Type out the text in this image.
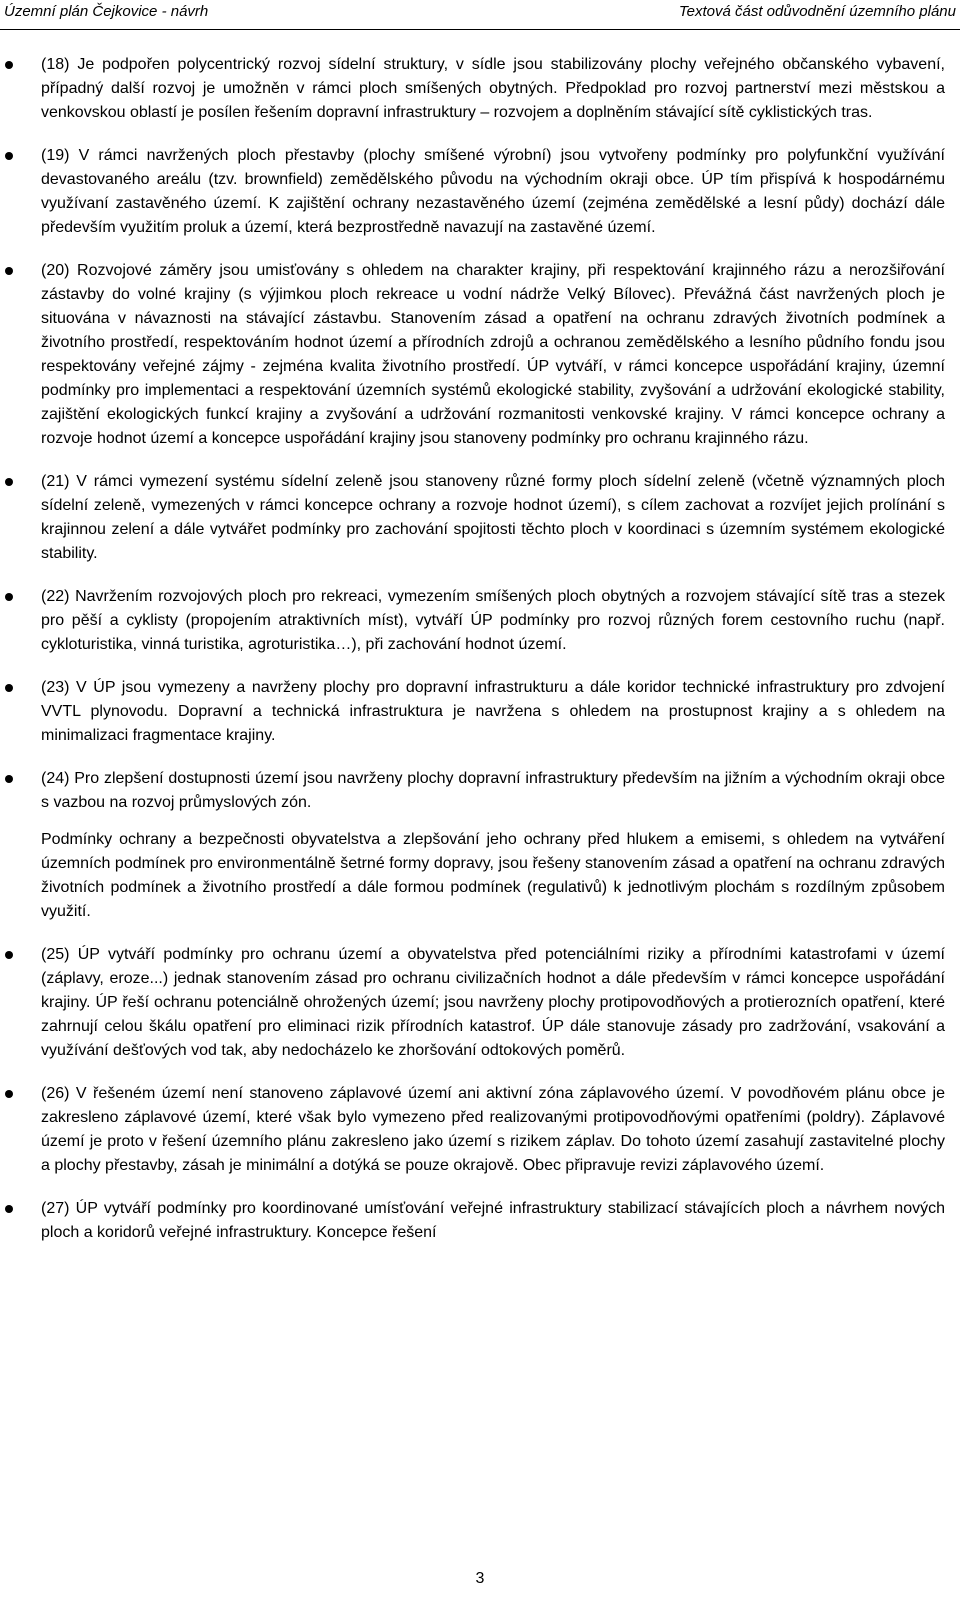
Územní plán Čejkovice - návrh	Textová část odůvodnění územního plánu
(18) Je podpořen polycentrický rozvoj sídelní struktury, v sídle jsou stabilizovány plochy veřejného občanského vybavení, případný další rozvoj je umožněn v rámci ploch smíšených obytných. Předpoklad pro rozvoj partnerství mezi městskou a venkovskou oblastí je posílen řešením dopravní infrastruktury – rozvojem a doplněním stávající sítě cyklistických tras.
(19) V rámci navržených ploch přestavby (plochy smíšené výrobní) jsou vytvořeny podmínky pro polyfunkční využívání devastovaného areálu (tzv. brownfield) zemědělského původu na východním okraji obce. ÚP tím přispívá k hospodárnému využívaní zastavěného území. K zajištění ochrany nezastavěného území (zejména zemědělské a lesní půdy) dochází dále především využitím proluk a území, která bezprostředně navazují na zastavěné území.
(20) Rozvojové záměry jsou umisťovány s ohledem na charakter krajiny, při respektování krajinného rázu a nerozšiřování zástavby do volné krajiny (s výjimkou ploch rekreace u vodní nádrže Velký Bílovec). Převážná část navržených ploch je situována v návaznosti na stávající zástavbu. Stanovením zásad a opatření na ochranu zdravých životních podmínek a životního prostředí, respektováním hodnot území a přírodních zdrojů a ochranou zemědělského a lesního půdního fondu jsou respektovány veřejné zájmy - zejména kvalita životního prostředí. ÚP vytváří, v rámci koncepce uspořádání krajiny, územní podmínky pro implementaci a respektování územních systémů ekologické stability, zvyšování a udržování ekologické stability, zajištění ekologických funkcí krajiny a zvyšování a udržování rozmanitosti venkovské krajiny. V rámci koncepce ochrany a rozvoje hodnot území a koncepce uspořádání krajiny jsou stanoveny podmínky pro ochranu krajinného rázu.
(21) V rámci vymezení systému sídelní zeleně jsou stanoveny různé formy ploch sídelní zeleně (včetně významných ploch sídelní zeleně, vymezených v rámci koncepce ochrany a rozvoje hodnot území), s cílem zachovat a rozvíjet jejich prolínání s krajinnou zelení a dále vytvářet podmínky pro zachování spojitosti těchto ploch v koordinaci s územním systémem ekologické stability.
(22) Navržením rozvojových ploch pro rekreaci, vymezením smíšených ploch obytných a rozvojem stávající sítě tras a stezek pro pěší a cyklisty (propojením atraktivních míst), vytváří ÚP podmínky pro rozvoj různých forem cestovního ruchu (např. cykloturistika, vinná turistika, agroturistika…), při zachování hodnot území.
(23) V ÚP jsou vymezeny a navrženy plochy pro dopravní infrastrukturu a dále koridor technické infrastruktury pro zdvojení VVTL plynovodu. Dopravní a technická infrastruktura je navržena s ohledem na prostupnost krajiny a s ohledem na minimalizaci fragmentace krajiny.
(24) Pro zlepšení dostupnosti území jsou navrženy plochy dopravní infrastruktury především na jižním a východním okraji obce s vazbou na rozvoj průmyslových zón.
Podmínky ochrany a bezpečnosti obyvatelstva a zlepšování jeho ochrany před hlukem a emisemi, s ohledem na vytváření územních podmínek pro environmentálně šetrné formy dopravy, jsou řešeny stanovením zásad a opatření na ochranu zdravých životních podmínek a životního prostředí a dále formou podmínek (regulativů) k jednotlivým plochám s rozdílným způsobem využití.
(25) ÚP vytváří podmínky pro ochranu území a obyvatelstva před potenciálními riziky a přírodními katastrofami v území (záplavy, eroze...) jednak stanovením zásad pro ochranu civilizačních hodnot a dále především v rámci koncepce uspořádání krajiny. ÚP řeší ochranu potenciálně ohrožených území; jsou navrženy plochy protipovodňových a protierozních opatření, které zahrnují celou škálu opatření pro eliminaci rizik přírodních katastrof. ÚP dále stanovuje zásady pro zadržování, vsakování a využívání dešťových vod tak, aby nedocházelo ke zhoršování odtokových poměrů.
(26) V řešeném území není stanoveno záplavové území ani aktivní zóna záplavového území. V povodňovém plánu obce je zakresleno záplavové území, které však bylo vymezeno před realizovanými protipovodňovými opatřeními (poldry). Záplavové území je proto v řešení územního plánu zakresleno jako území s rizikem záplav. Do tohoto území zasahují zastavitelné plochy a plochy přestavby, zásah je minimální a dotýká se pouze okrajově. Obec připravuje revizi záplavového území.
(27) ÚP vytváří podmínky pro koordinované umísťování veřejné infrastruktury stabilizací stávajících ploch a návrhem nových ploch a koridorů veřejné infrastruktury. Koncepce řešení
3
